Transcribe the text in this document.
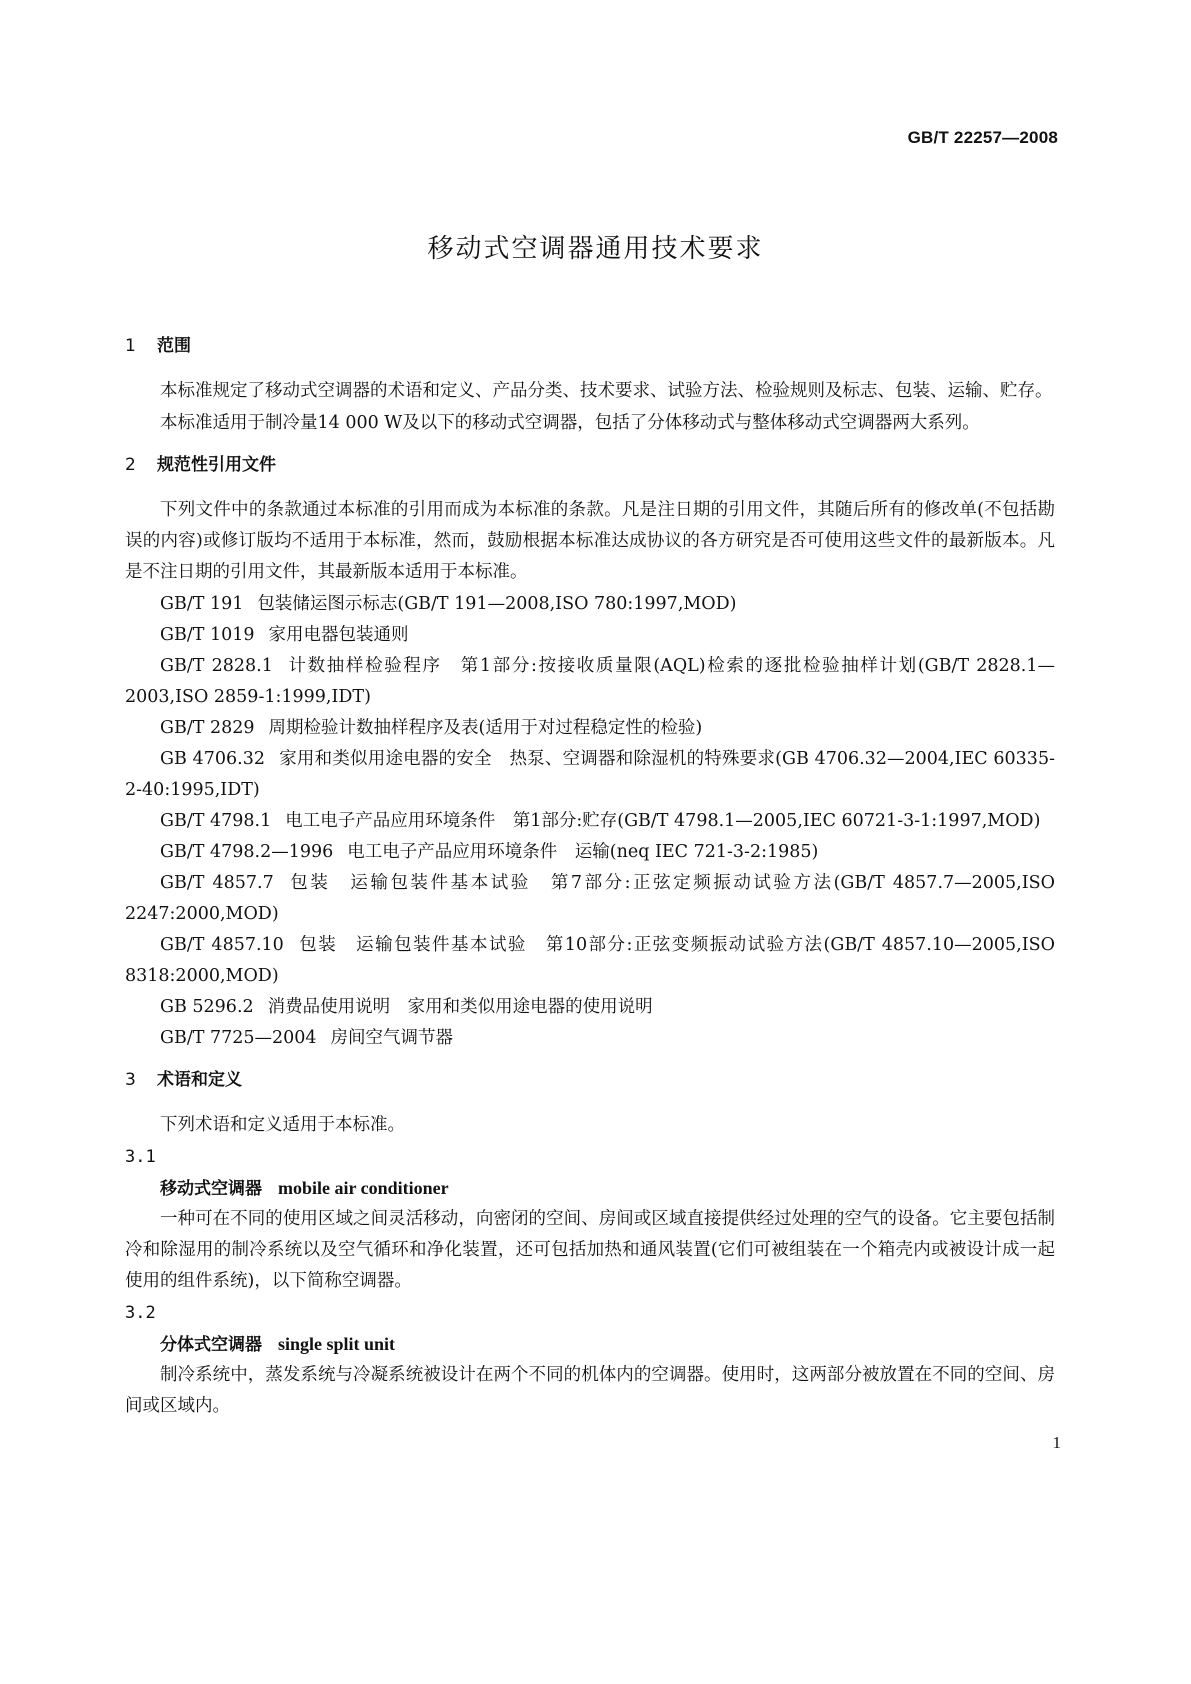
GB/T 22257—2008
移动式空调器通用技术要求
1 范围

本标准规定了移动式空调器的术语和定义、产品分类、技术要求、试验方法、检验规则及标志、包装、运输、贮存。

本标准适用于制冷量14 000 W及以下的移动式空调器，包括了分体移动式与整体移动式空调器两大系列。

2 规范性引用文件

下列文件中的条款通过本标准的引用而成为本标准的条款。凡是注日期的引用文件，其随后所有的修改单(不包括勘误的内容)或修订版均不适用于本标准，然而，鼓励根据本标准达成协议的各方研究是否可使用这些文件的最新版本。凡是不注日期的引用文件，其最新版本适用于本标准。

GB/T 191 包装储运图示标志(GB/T 191—2008,ISO 780:1997,MOD)

GB/T 1019 家用电器包装通则

GB/T 2828.1 计数抽样检验程序　第1部分:按接收质量限(AQL)检索的逐批检验抽样计划(GB/T 2828.1—2003,ISO 2859-1:1999,IDT)

GB/T 2829 周期检验计数抽样程序及表(适用于对过程稳定性的检验)

GB 4706.32 家用和类似用途电器的安全　热泵、空调器和除湿机的特殊要求(GB 4706.32—2004,IEC 60335-2-40:1995,IDT)

GB/T 4798.1 电工电子产品应用环境条件　第1部分:贮存(GB/T 4798.1—2005,IEC 60721-3-1:1997,MOD)

GB/T 4798.2—1996 电工电子产品应用环境条件　运输(neq IEC 721-3-2:1985)

GB/T 4857.7 包装　运输包装件基本试验　第7部分:正弦定频振动试验方法(GB/T 4857.7—2005,ISO 2247:2000,MOD)

GB/T 4857.10 包装　运输包装件基本试验　第10部分:正弦变频振动试验方法(GB/T 4857.10—2005,ISO 8318:2000,MOD)

GB 5296.2 消费品使用说明　家用和类似用途电器的使用说明

GB/T 7725—2004 房间空气调节器

3 术语和定义

下列术语和定义适用于本标准。

3.1
移动式空调器 mobile air conditioner

一种可在不同的使用区域之间灵活移动，向密闭的空间、房间或区域直接提供经过处理的空气的设备。它主要包括制冷和除湿用的制冷系统以及空气循环和净化装置，还可包括加热和通风装置(它们可被组装在一个箱壳内或被设计成一起使用的组件系统)，以下简称空调器。

3.2
分体式空调器 single split unit

制冷系统中，蒸发系统与冷凝系统被设计在两个不同的机体内的空调器。使用时，这两部分被放置在不同的空间、房间或区域内。

1
